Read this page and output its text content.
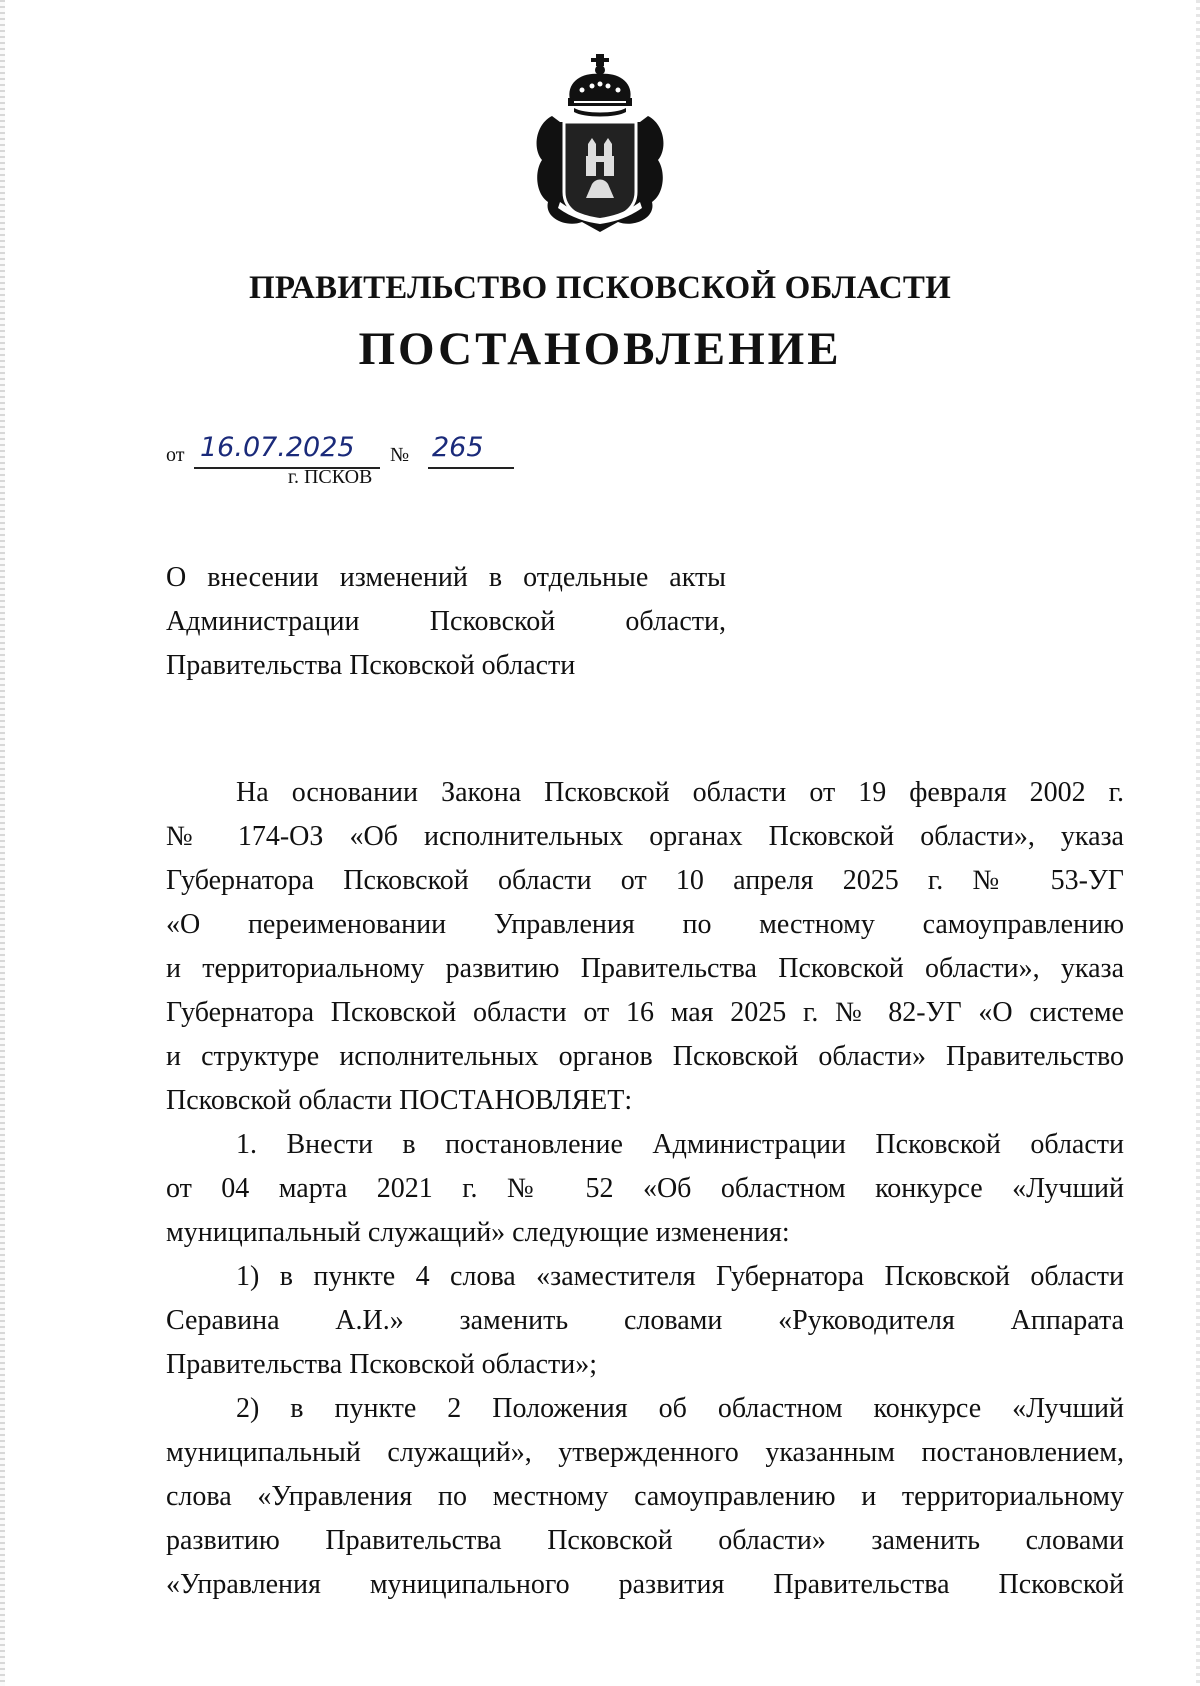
ПРАВИТЕЛЬСТВО ПСКОВСКОЙ ОБЛАСТИ
ПОСТАНОВЛЕНИЕ
от 16.07.2025 № 265
г. ПСКОВ
О внесении изменений в отдельные акты
Администрации Псковской области,
Правительства Псковской области
На основании Закона Псковской области от 19 февраля 2002 г.
№ 174-ОЗ «Об исполнительных органах Псковской области», указа
Губернатора Псковской области от 10 апреля 2025 г. № 53-УГ
«О переименовании Управления по местному самоуправлению
и территориальному развитию Правительства Псковской области», указа
Губернатора Псковской области от 16 мая 2025 г. № 82-УГ «О системе
и структуре исполнительных органов Псковской области» Правительство
Псковской области ПОСТАНОВЛЯЕТ:
1. Внести в постановление Администрации Псковской области
от 04 марта 2021 г. № 52 «Об областном конкурсе «Лучший
муниципальный служащий» следующие изменения:
1) в пункте 4 слова «заместителя Губернатора Псковской области
Серавина А.И.» заменить словами «Руководителя Аппарата
Правительства Псковской области»;
2) в пункте 2 Положения об областном конкурсе «Лучший
муниципальный служащий», утвержденного указанным постановлением,
слова «Управления по местному самоуправлению и территориальному
развитию Правительства Псковской области» заменить словами
«Управления муниципального развития Правительства Псковской
